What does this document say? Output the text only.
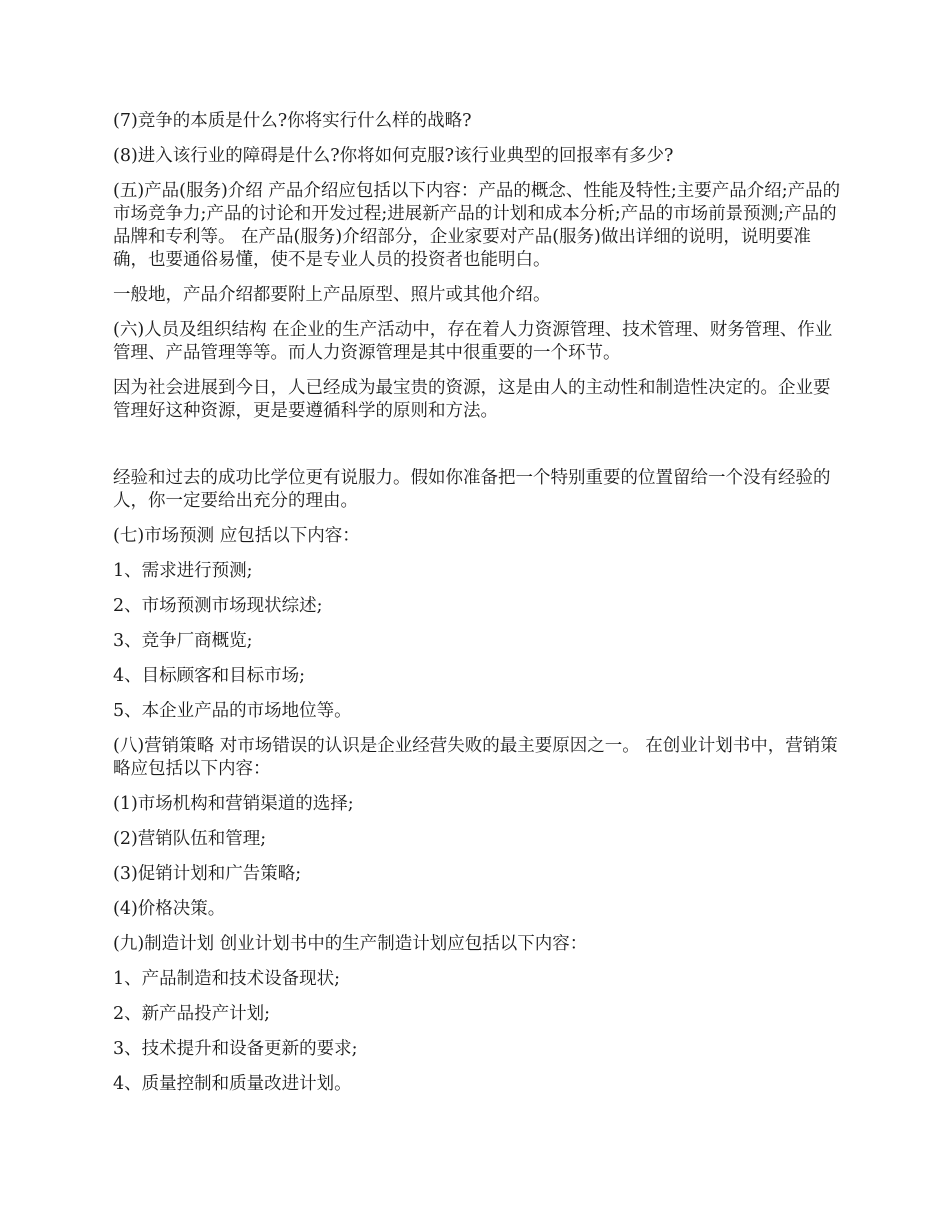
(7)竞争的本质是什么?你将实行什么样的战略?

(8)进入该行业的障碍是什么?你将如何克服?该行业典型的回报率有多少?

(五)产品(服务)介绍 产品介绍应包括以下内容：产品的概念、性能及特性;主要产品介绍;产品的市场竞争力;产品的讨论和开发过程;进展新产品的计划和成本分析;产品的市场前景预测;产品的品牌和专利等。 在产品(服务)介绍部分，企业家要对产品(服务)做出详细的说明，说明要准确，也要通俗易懂，使不是专业人员的投资者也能明白。

一般地，产品介绍都要附上产品原型、照片或其他介绍。

(六)人员及组织结构 在企业的生产活动中，存在着人力资源管理、技术管理、财务管理、作业管理、产品管理等等。而人力资源管理是其中很重要的一个环节。

因为社会进展到今日，人已经成为最宝贵的资源，这是由人的主动性和制造性决定的。企业要管理好这种资源，更是要遵循科学的原则和方法。

经验和过去的成功比学位更有说服力。假如你准备把一个特别重要的位置留给一个没有经验的人，你一定要给出充分的理由。

(七)市场预测 应包括以下内容：

1、需求进行预测;

2、市场预测市场现状综述;

3、竞争厂商概览;

4、目标顾客和目标市场;

5、本企业产品的市场地位等。

(八)营销策略 对市场错误的认识是企业经营失败的最主要原因之一。 在创业计划书中，营销策略应包括以下内容：

(1)市场机构和营销渠道的选择;

(2)营销队伍和管理;

(3)促销计划和广告策略;

(4)价格决策。

(九)制造计划 创业计划书中的生产制造计划应包括以下内容：

1、产品制造和技术设备现状;

2、新产品投产计划;

3、技术提升和设备更新的要求;

4、质量控制和质量改进计划。
